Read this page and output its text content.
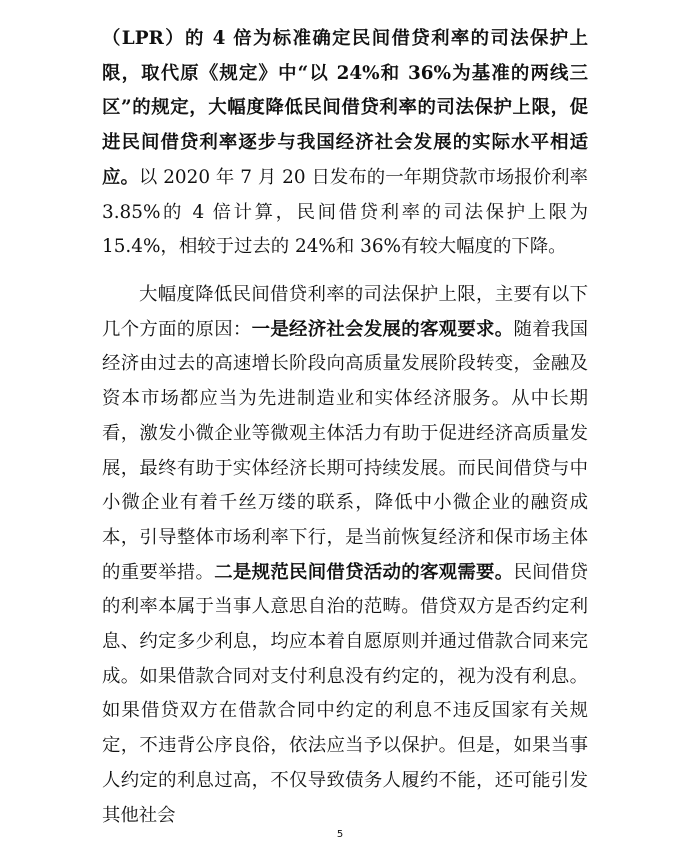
（LPR）的 4 倍为标准确定民间借贷利率的司法保护上限，取代原《规定》中“以 24%和 36%为基准的两线三区”的规定，大幅度降低民间借贷利率的司法保护上限，促进民间借贷利率逐步与我国经济社会发展的实际水平相适应。以 2020 年 7 月 20 日发布的一年期贷款市场报价利率 3.85%的 4 倍计算，民间借贷利率的司法保护上限为 15.4%，相较于过去的 24%和 36%有较大幅度的下降。

大幅度降低民间借贷利率的司法保护上限，主要有以下几个方面的原因：一是经济社会发展的客观要求。随着我国经济由过去的高速增长阶段向高质量发展阶段转变，金融及资本市场都应当为先进制造业和实体经济服务。从中长期看，激发小微企业等微观主体活力有助于促进经济高质量发展，最终有助于实体经济长期可持续发展。而民间借贷与中小微企业有着千丝万缕的联系，降低中小微企业的融资成本，引导整体市场利率下行，是当前恢复经济和保市场主体的重要举措。二是规范民间借贷活动的客观需要。民间借贷的利率本属于当事人意思自治的范畴。借贷双方是否约定利息、约定多少利息，均应本着自愿原则并通过借款合同来完成。如果借款合同对支付利息没有约定的，视为没有利息。如果借贷双方在借款合同中约定的利息不违反国家有关规定，不违背公序良俗，依法应当予以保护。但是，如果当事人约定的利息过高，不仅导致债务人履约不能，还可能引发其他社会

5
